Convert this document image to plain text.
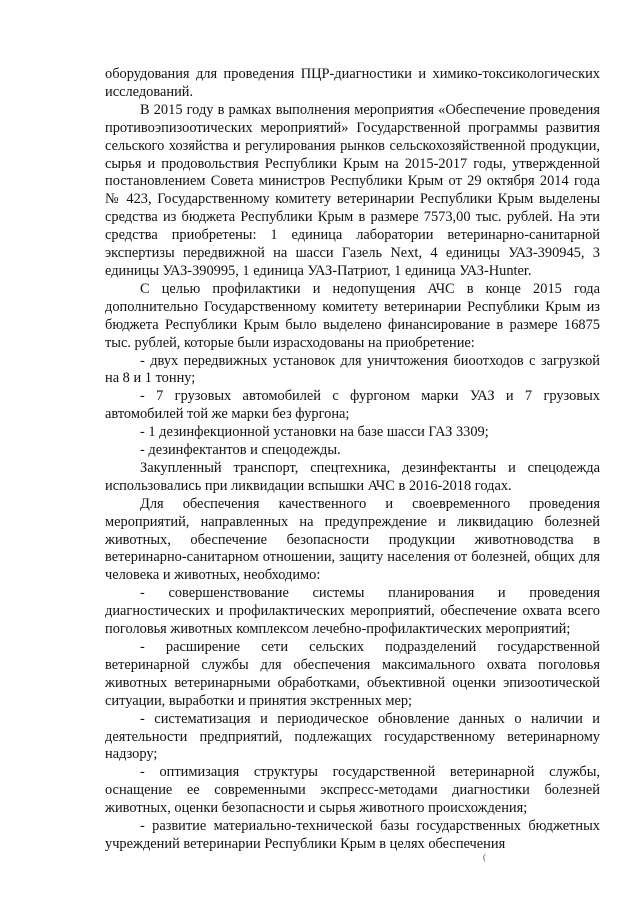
оборудования для проведения ПЦР-диагностики и химико-токсикологических исследований.

В 2015 году в рамках выполнения мероприятия «Обеспечение проведения противоэпизоотических мероприятий» Государственной программы развития сельского хозяйства и регулирования рынков сельскохозяйственной продукции, сырья и продовольствия Республики Крым на 2015-2017 годы, утвержденной постановлением Совета министров Республики Крым от 29 октября 2014 года № 423, Государственному комитету ветеринарии Республики Крым выделены средства из бюджета Республики Крым в размере 7573,00 тыс. рублей. На эти средства приобретены: 1 единица лаборатории ветеринарно-санитарной экспертизы передвижной на шасси Газель Next, 4 единицы УАЗ-390945, 3 единицы УАЗ-390995, 1 единица УАЗ-Патриот, 1 единица УАЗ-Hunter.

С целью профилактики и недопущения АЧС в конце 2015 года дополнительно Государственному комитету ветеринарии Республики Крым из бюджета Республики Крым было выделено финансирование в размере 16875 тыс. рублей, которые были израсходованы на приобретение:

- двух передвижных установок для уничтожения биоотходов с загрузкой на 8 и 1 тонну;

- 7 грузовых автомобилей с фургоном марки УАЗ и 7 грузовых автомобилей той же марки без фургона;

- 1 дезинфекционной установки на базе шасси ГАЗ 3309;

- дезинфектантов и спецодежды.

Закупленный транспорт, спецтехника, дезинфектанты и спецодежда использовались при ликвидации вспышки АЧС в 2016-2018 годах.

Для обеспечения качественного и своевременного проведения мероприятий, направленных на предупреждение и ликвидацию болезней животных, обеспечение безопасности продукции животноводства в ветеринарно-санитарном отношении, защиту населения от болезней, общих для человека и животных, необходимо:

- совершенствование системы планирования и проведения диагностических и профилактических мероприятий, обеспечение охвата всего поголовья животных комплексом лечебно-профилактических мероприятий;

- расширение сети сельских подразделений государственной ветеринарной службы для обеспечения максимального охвата поголовья животных ветеринарными обработками, объективной оценки эпизоотической ситуации, выработки и принятия экстренных мер;

- систематизация и периодическое обновление данных о наличии и деятельности предприятий, подлежащих государственному ветеринарному надзору;

- оптимизация структуры государственной ветеринарной службы, оснащение ее современными экспресс-методами диагностики болезней животных, оценки безопасности и сырья животного происхождения;

- развитие материально-технической базы государственных бюджетных учреждений ветеринарии Республики Крым в целях обеспечения

(
